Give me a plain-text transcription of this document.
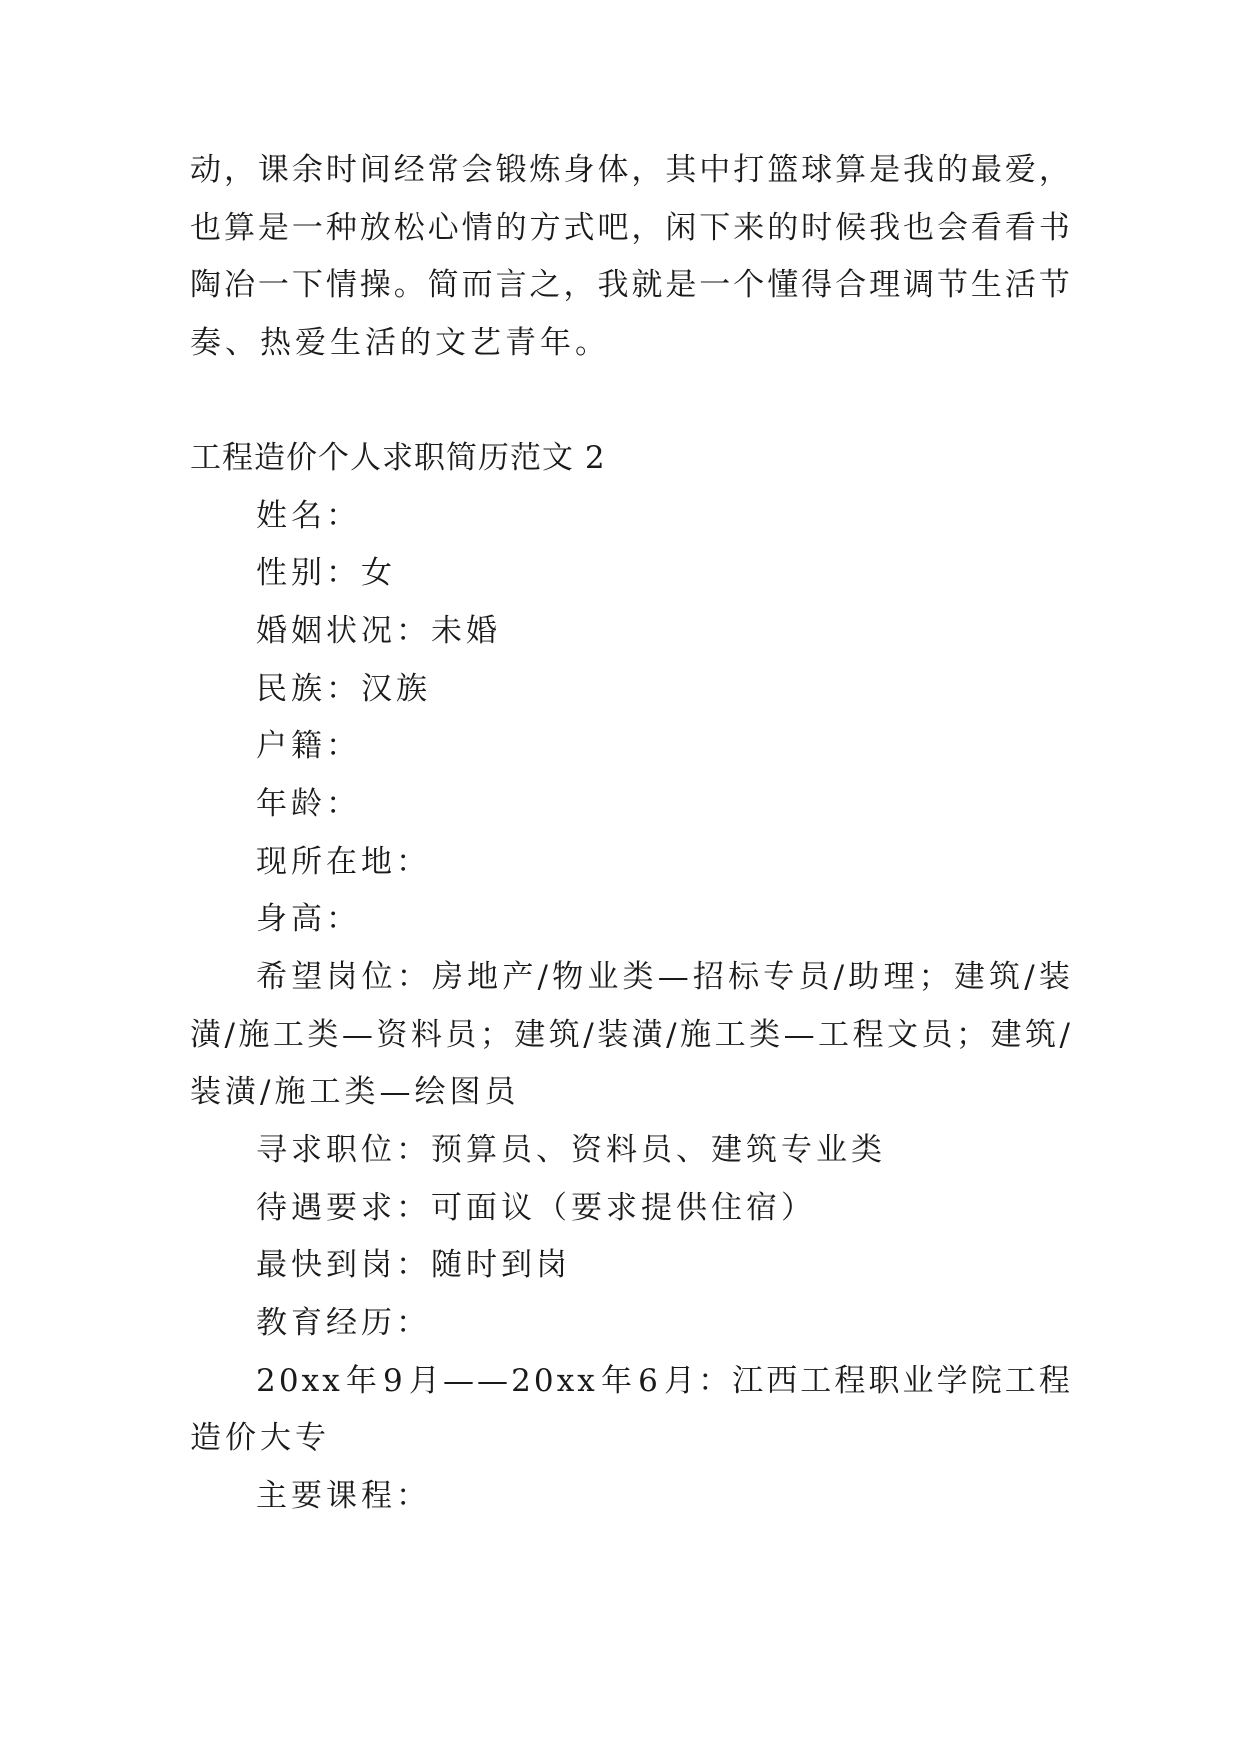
动 ， 课 余 时 间 经 常 会 锻 炼 身 体 ， 其 中 打 篮 球 算 是 我 的 最 爱 ，
也 算 是 一 种 放 松 心 情 的 方 式 吧 ， 闲 下 来 的 时 候 我 也 会 看 看 书
陶 冶 一 下 情 操 。 简 而 言 之 ， 我 就 是 一 个 懂 得 合 理 调 节 生 活 节
奏、热爱生活的文艺青年。
工程造价个人求职简历范文 2
姓名：
性别：女
婚姻状况：未婚
民族：汉族
户籍：
年龄：
现所在地：
身高：
希 望 岗 位 ： 房 地 产 / 物 业 类 — 招 标 专 员 / 助 理 ； 建 筑 / 装
潢 / 施 工 类 — 资 料 员 ； 建 筑 / 装 潢 / 施 工 类 — 工 程 文 员 ； 建 筑 /
装潢/施工类—绘图员
寻求职位：预算员、资料员、建筑专业类
待遇要求：可面议（要求提供住宿）
最快到岗：随时到岗
教育经历：
2 0 x x 年 9 月 — — 2 0 x x 年 6 月 ： 江 西 工 程 职 业 学 院 工 程
造价大专
主要课程：
